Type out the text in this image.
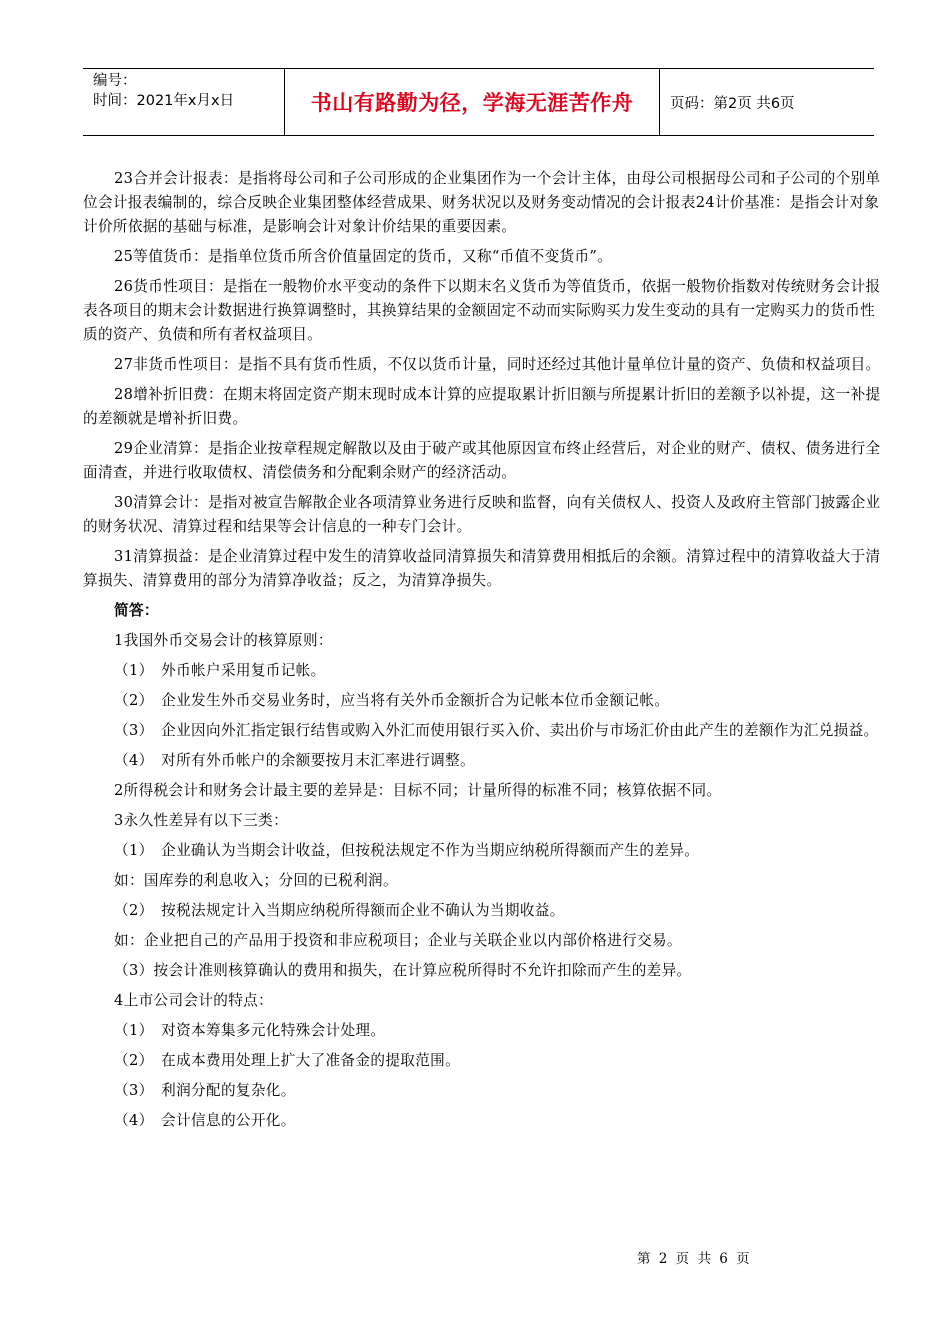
编号：
时间：2021年x月x日	书山有路勤为径，学海无涯苦作舟	页码：第2页 共6页

23合并会计报表：是指将母公司和子公司形成的企业集团作为一个会计主体，由母公司根据母公司和子公司的个别单位会计报表编制的，综合反映企业集团整体经营成果、财务状况以及财务变动情况的会计报表24计价基准：是指会计对象计价所依据的基础与标准，是影响会计对象计价结果的重要因素。

25等值货币：是指单位货币所含价值量固定的货币，又称“币值不变货币”。

26货币性项目：是指在一般物价水平变动的条件下以期末名义货币为等值货币，依据一般物价指数对传统财务会计报表各项目的期末会计数据进行换算调整时，其换算结果的金额固定不动而实际购买力发生变动的具有一定购买力的货币性质的资产、负债和所有者权益项目。

27非货币性项目：是指不具有货币性质，不仅以货币计量，同时还经过其他计量单位计量的资产、负债和权益项目。

28增补折旧费：在期末将固定资产期末现时成本计算的应提取累计折旧额与所提累计折旧的差额予以补提，这一补提的差额就是增补折旧费。

29企业清算：是指企业按章程规定解散以及由于破产或其他原因宣布终止经营后，对企业的财产、债权、债务进行全面清查，并进行收取债权、清偿债务和分配剩余财产的经济活动。

30清算会计：是指对被宣告解散企业各项清算业务进行反映和监督，向有关债权人、投资人及政府主管部门披露企业的财务状况、清算过程和结果等会计信息的一种专门会计。

31清算损益：是企业清算过程中发生的清算收益同清算损失和清算费用相抵后的余额。清算过程中的清算收益大于清算损失、清算费用的部分为清算净收益；反之，为清算净损失。

简答：

1我国外币交易会计的核算原则：

（1）　外币帐户采用复币记帐。

（2）　企业发生外币交易业务时，应当将有关外币金额折合为记帐本位币金额记帐。

（3）　企业因向外汇指定银行结售或购入外汇而使用银行买入价、卖出价与市场汇价由此产生的差额作为汇兑损益。

（4）　对所有外币帐户的余额要按月末汇率进行调整。

2所得税会计和财务会计最主要的差异是：目标不同；计量所得的标准不同；核算依据不同。

3永久性差异有以下三类：

（1）　企业确认为当期会计收益，但按税法规定不作为当期应纳税所得额而产生的差异。

如：国库券的利息收入；分回的已税利润。

（2）　按税法规定计入当期应纳税所得额而企业不确认为当期收益。

如：企业把自己的产品用于投资和非应税项目；企业与关联企业以内部价格进行交易。

（3）按会计准则核算确认的费用和损失，在计算应税所得时不允许扣除而产生的差异。

4上市公司会计的特点：

（1）　对资本筹集多元化特殊会计处理。

（2）　在成本费用处理上扩大了准备金的提取范围。

（3）　利润分配的复杂化。

（4）　会计信息的公开化。

第 2 页 共 6 页
